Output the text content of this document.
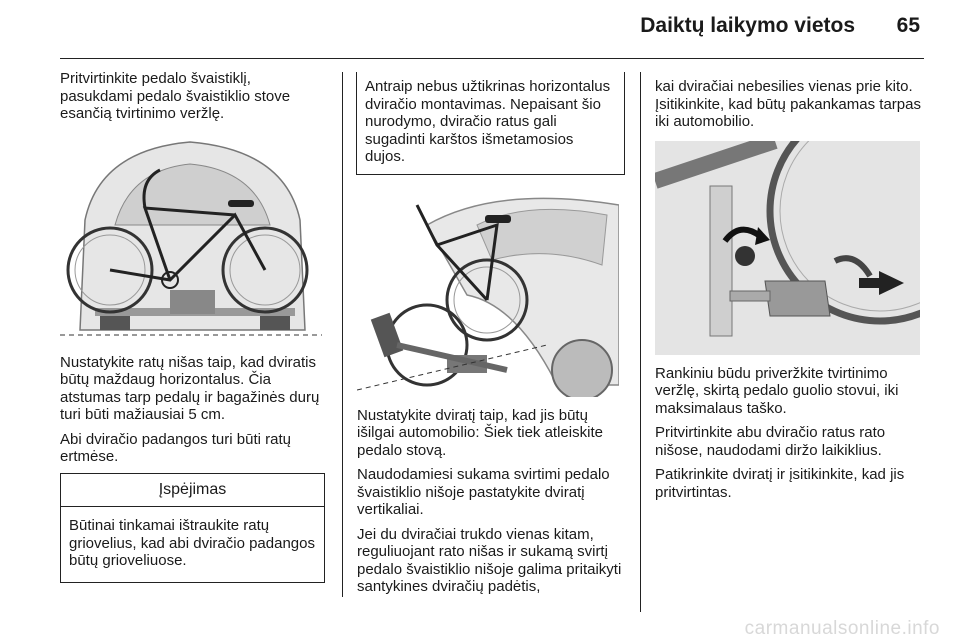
Daiktų laikymo vietos 65

Pritvirtinkite pedalo švaistiklį, pasukdami pedalo švaistiklio stove esančią tvirtinimo veržlę.

Nustatykite ratų nišas taip, kad dviratis būtų maždaug horizontalus. Čia atstumas tarp pedalų ir bagažinės durų turi būti mažiausiai 5 cm.

Abi dviračio padangos turi būti ratų ertmėse.

Įspėjimas
Būtinai tinkamai ištraukite ratų griovelius, kad abi dviračio padangos būtų grioveliuose.
Antraip nebus užtikrinas horizontalus dviračio montavimas. Nepaisant šio nurodymo, dviračio ratus gali sugadinti karštos išmetamosios dujos.

Nustatykite dviratį taip, kad jis būtų išilgai automobilio: Šiek tiek atleiskite pedalo stovą.

Naudodamiesi sukama svirtimi pedalo švaistiklio nišoje pastatykite dviratį vertikaliai.

Jei du dviračiai trukdo vienas kitam, reguliuojant rato nišas ir sukamą svirtį pedalo švaistiklio nišoje galima pritaikyti santykines dviračių padėtis,

kai dviračiai nebesilies vienas prie kito. Įsitikinkite, kad būtų pakankamas tarpas iki automobilio.

Rankiniu būdu priveržkite tvirtinimo veržlę, skirtą pedalo guolio stovui, iki maksimalaus taško.

Pritvirtinkite abu dviračio ratus rato nišose, naudodami diržo laikiklius.

Patikrinkite dviratį ir įsitikinkite, kad jis pritvirtintas.

carmanualsonline.info
